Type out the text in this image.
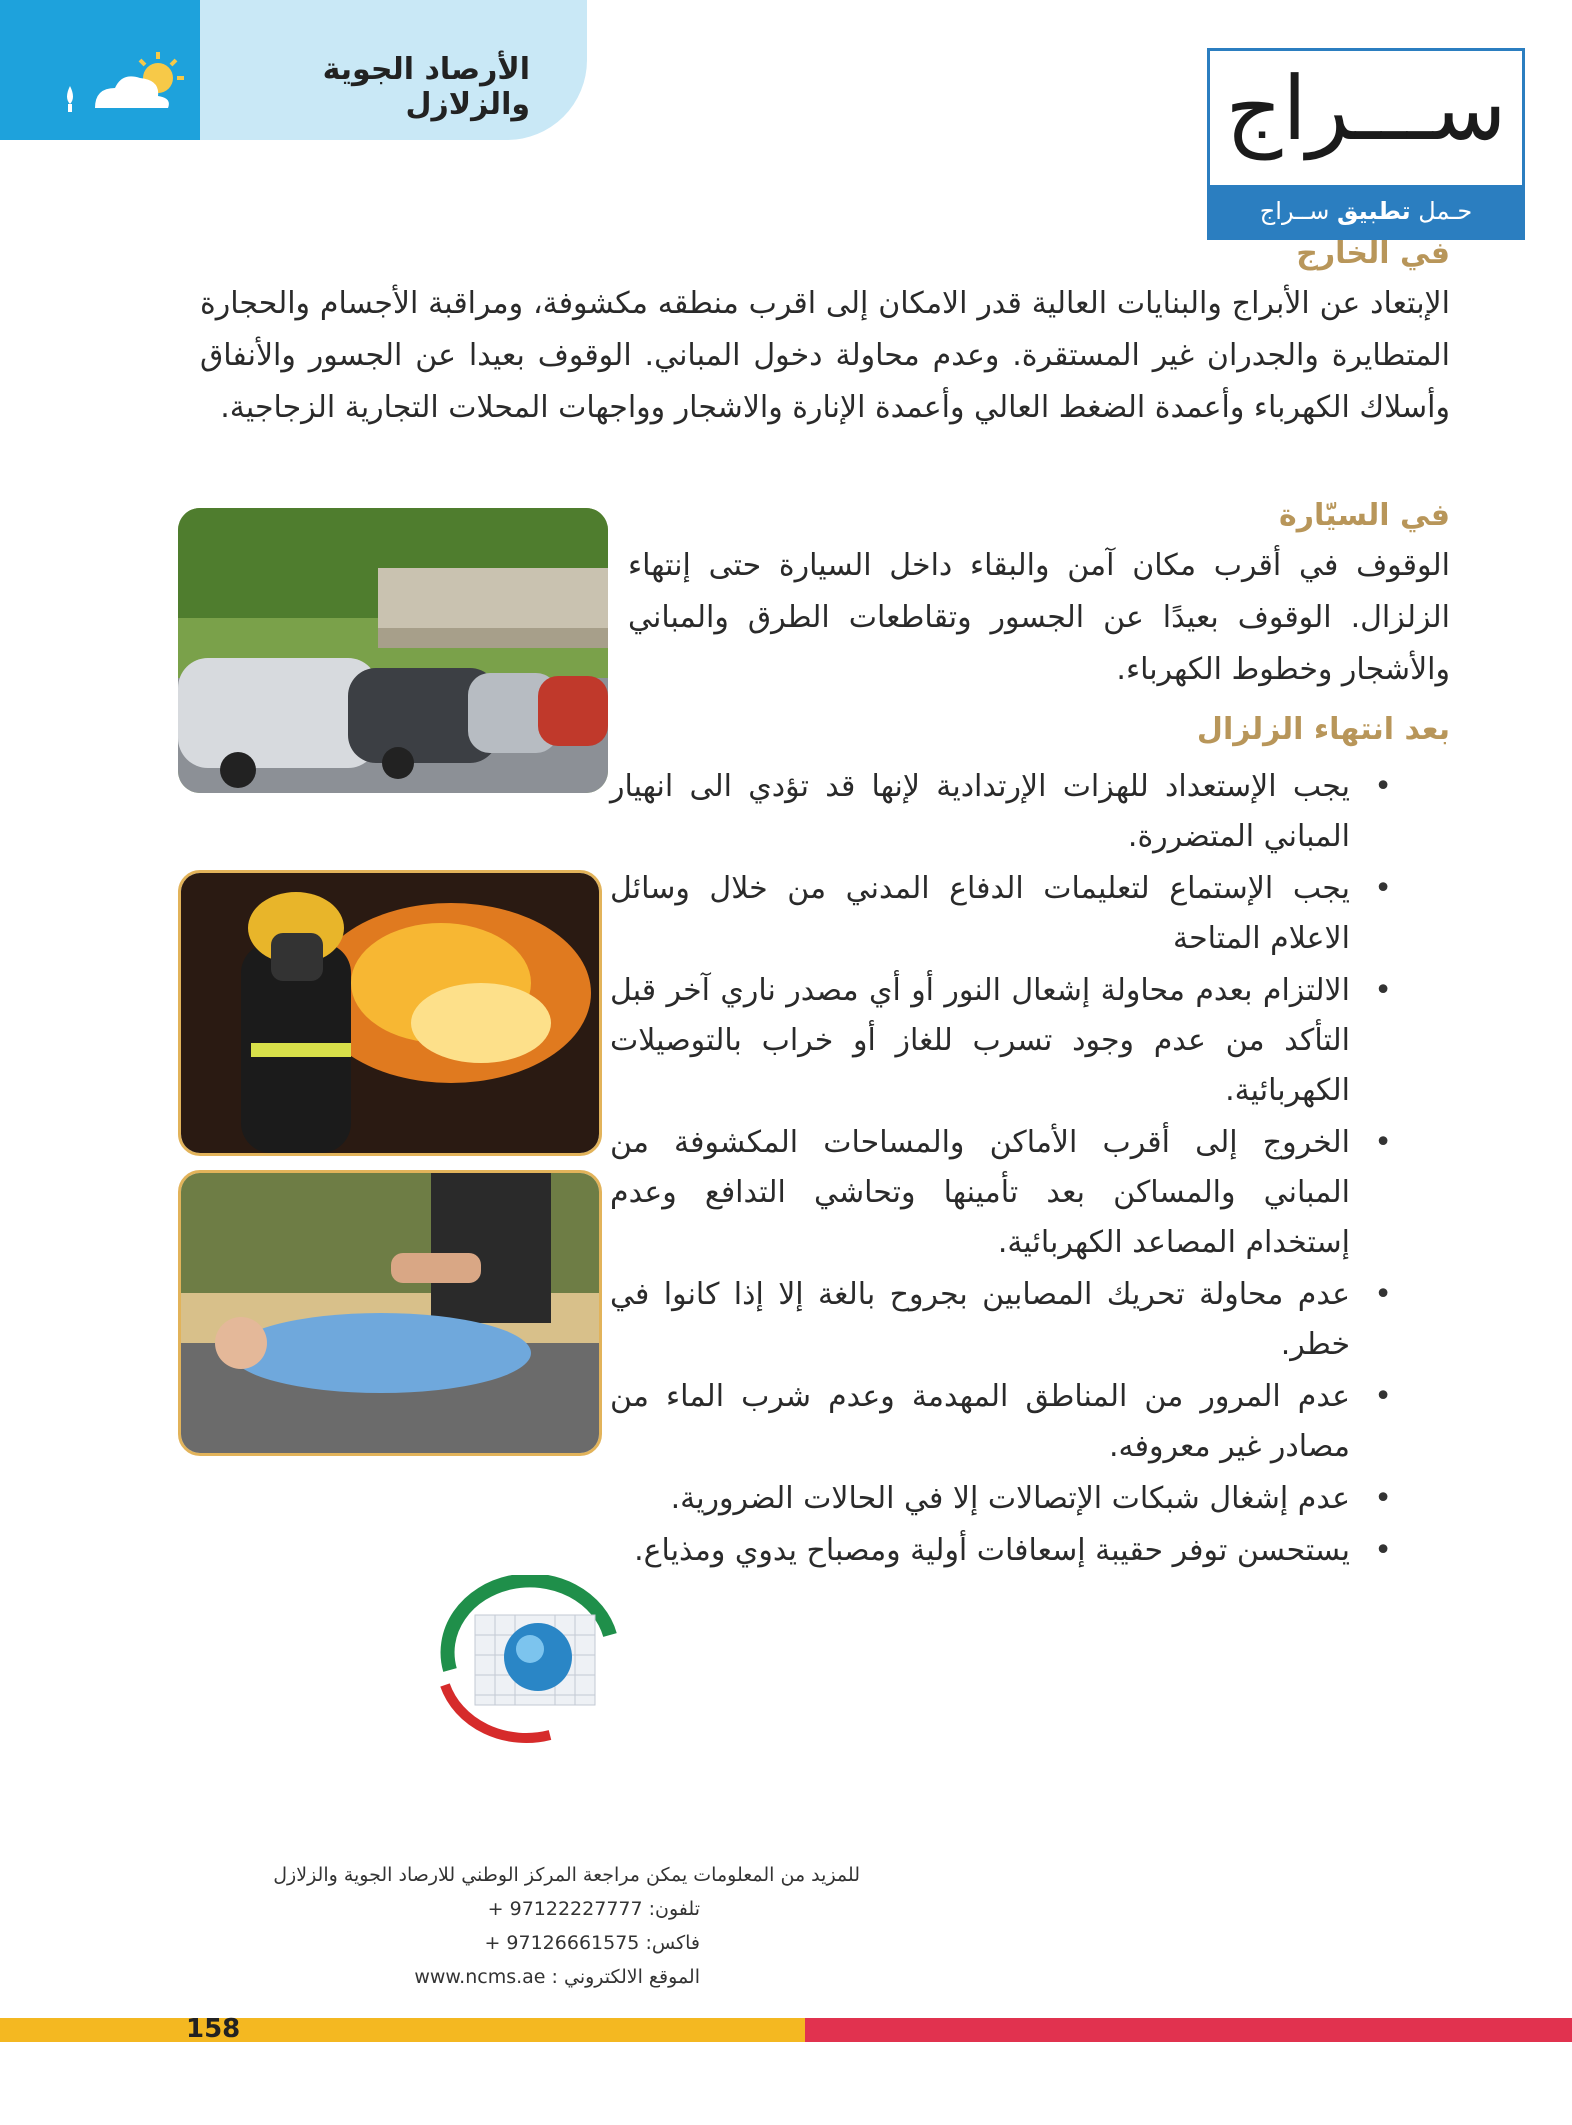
الأرصاد الجوية والزلازل	ســـراج
حـمل تطبيق ســراج
في الخارج
الإبتعاد عن الأبراج والبنايات العالية قدر الامكان إلى اقرب منطقه مكشوفة، ومراقبة الأجسام والحجارة المتطايرة والجدران غير المستقرة. وعدم محاولة دخول المباني. الوقوف بعيدا عن الجسور والأنفاق وأسلاك الكهرباء وأعمدة الضغط العالي وأعمدة الإنارة والاشجار وواجهات المحلات التجارية الزجاجية.
في السيّارة
الوقوف في أقرب مكان آمن والبقاء داخل السيارة حتى إنتهاء الزلزال. الوقوف بعيدًا عن الجسور وتقاطعات الطرق والمباني والأشجار وخطوط الكهرباء.
بعد انتهاء الزلزال
• يجب الإستعداد للهزات الإرتدادية لإنها قد تؤدي الى انهيار المباني المتضررة.
• يجب الإستماع لتعليمات الدفاع المدني من خلال وسائل الاعلام المتاحة
• الالتزام بعدم محاولة إشعال النور أو أي مصدر ناري آخر قبل التأكد من عدم وجود تسرب للغاز أو خراب بالتوصيلات الكهربائية.
• الخروج إلى أقرب الأماكن والمساحات المكشوفة من المباني والمساكن بعد تأمينها وتحاشي التدافع وعدم إستخدام المصاعد الكهربائية.
• عدم محاولة تحريك المصابين بجروح بالغة إلا إذا كانوا في خطر.
• عدم المرور من المناطق المهدمة وعدم شرب الماء من مصادر غير معروفه.
• عدم إشغال شبكات الإتصالات إلا في الحالات الضرورية.
• يستحسن توفر حقيبة إسعافات أولية ومصباح يدوي ومذياع.
للمزيد من المعلومات يمكن مراجعة المركز الوطني للارصاد الجوية والزلازل
تلفون: 97122227777 +
فاكس: 97126661575 +
الموقع الالكتروني : www.ncms.ae
158
